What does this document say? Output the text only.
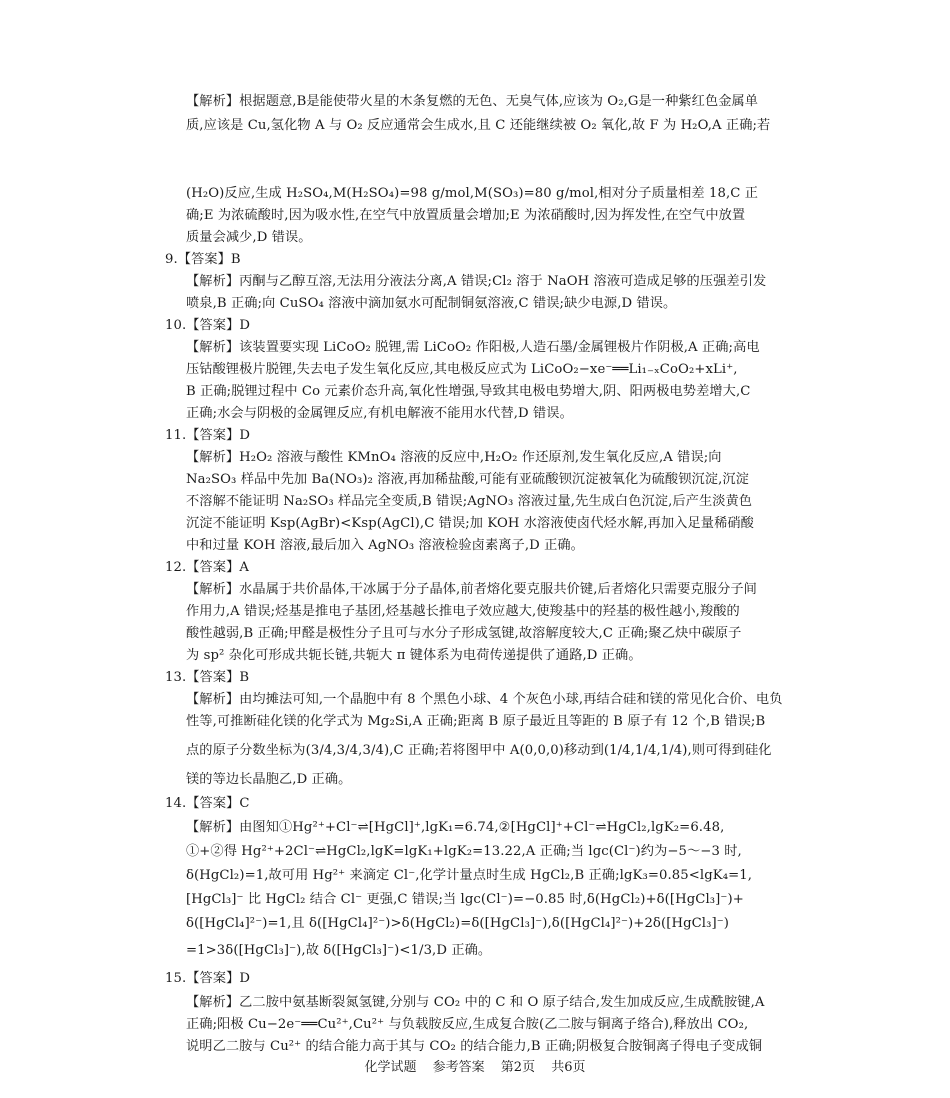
【解析】根据题意,B是能使带火星的木条复燃的无色、无臭气体,应该为 O₂,G是一种紫红色金属单
质,应该是 Cu,氢化物 A 与 O₂ 反应通常会生成水,且 C 还能继续被 O₂ 氧化,故 F 为 H₂O,A 正确;若
(H₂O)反应,生成 H₂SO₄,M(H₂SO₄)=98 g/mol,M(SO₃)=80 g/mol,相对分子质量相差 18,C 正
确;E 为浓硫酸时,因为吸水性,在空气中放置质量会增加;E 为浓硝酸时,因为挥发性,在空气中放置
质量会减少,D 错误。
9.【答案】B
【解析】丙酮与乙醇互溶,无法用分液法分离,A 错误;Cl₂ 溶于 NaOH 溶液可造成足够的压强差引发
喷泉,B 正确;向 CuSO₄ 溶液中滴加氨水可配制铜氨溶液,C 错误;缺少电源,D 错误。
10.【答案】D
【解析】该装置要实现 LiCoO₂ 脱锂,需 LiCoO₂ 作阳极,人造石墨/金属锂极片作阴极,A 正确;高电
压钴酸锂极片脱锂,失去电子发生氧化反应,其电极反应式为 LiCoO₂−xe⁻══Li₁₋ₓCoO₂+xLi⁺,
B 正确;脱锂过程中 Co 元素价态升高,氧化性增强,导致其电极电势增大,阴、阳两极电势差增大,C
正确;水会与阴极的金属锂反应,有机电解液不能用水代替,D 错误。
11.【答案】D
【解析】H₂O₂ 溶液与酸性 KMnO₄ 溶液的反应中,H₂O₂ 作还原剂,发生氧化反应,A 错误;向
Na₂SO₃ 样品中先加 Ba(NO₃)₂ 溶液,再加稀盐酸,可能有亚硫酸钡沉淀被氧化为硫酸钡沉淀,沉淀
不溶解不能证明 Na₂SO₃ 样品完全变质,B 错误;AgNO₃ 溶液过量,先生成白色沉淀,后产生淡黄色
沉淀不能证明 Ksp(AgBr)<Ksp(AgCl),C 错误;加 KOH 水溶液使卤代烃水解,再加入足量稀硝酸
中和过量 KOH 溶液,最后加入 AgNO₃ 溶液检验卤素离子,D 正确。
12.【答案】A
【解析】水晶属于共价晶体,干冰属于分子晶体,前者熔化要克服共价键,后者熔化只需要克服分子间
作用力,A 错误;烃基是推电子基团,烃基越长推电子效应越大,使羧基中的羟基的极性越小,羧酸的
酸性越弱,B 正确;甲醛是极性分子且可与水分子形成氢键,故溶解度较大,C 正确;聚乙炔中碳原子
为 sp² 杂化可形成共轭长链,共轭大 π 键体系为电荷传递提供了通路,D 正确。
13.【答案】B
【解析】由均摊法可知,一个晶胞中有 8 个黑色小球、4 个灰色小球,再结合硅和镁的常见化合价、电负
性等,可推断硅化镁的化学式为 Mg₂Si,A 正确;距离 B 原子最近且等距的 B 原子有 12 个,B 错误;B
点的原子分数坐标为(3/4,3/4,3/4),C 正确;若将图甲中 A(0,0,0)移动到(1/4,1/4,1/4),则可得到硅化
镁的等边长晶胞乙,D 正确。
14.【答案】C
【解析】由图知①Hg²⁺+Cl⁻⇌[HgCl]⁺,lgK₁=6.74,②[HgCl]⁺+Cl⁻⇌HgCl₂,lgK₂=6.48,
①+②得 Hg²⁺+2Cl⁻⇌HgCl₂,lgK=lgK₁+lgK₂=13.22,A 正确;当 lgc(Cl⁻)约为−5～−3 时,
δ(HgCl₂)=1,故可用 Hg²⁺ 来滴定 Cl⁻,化学计量点时生成 HgCl₂,B 正确;lgK₃=0.85<lgK₄=1,
[HgCl₃]⁻ 比 HgCl₂ 结合 Cl⁻ 更强,C 错误;当 lgc(Cl⁻)=−0.85 时,δ(HgCl₂)+δ([HgCl₃]⁻)+
δ([HgCl₄]²⁻)=1,且 δ([HgCl₄]²⁻)>δ(HgCl₂)=δ([HgCl₃]⁻),δ([HgCl₄]²⁻)+2δ([HgCl₃]⁻)
=1>3δ([HgCl₃]⁻),故 δ([HgCl₃]⁻)<1/3,D 正确。
15.【答案】D
【解析】乙二胺中氨基断裂氮氢键,分别与 CO₂ 中的 C 和 O 原子结合,发生加成反应,生成酰胺键,A
正确;阳极 Cu−2e⁻══Cu²⁺,Cu²⁺ 与负载胺反应,生成复合胺(乙二胺与铜离子络合),释放出 CO₂,
说明乙二胺与 Cu²⁺ 的结合能力高于其与 CO₂ 的结合能力,B 正确;阴极复合胺铜离子得电子变成铜
化学试题 参考答案 第2页 共6页
